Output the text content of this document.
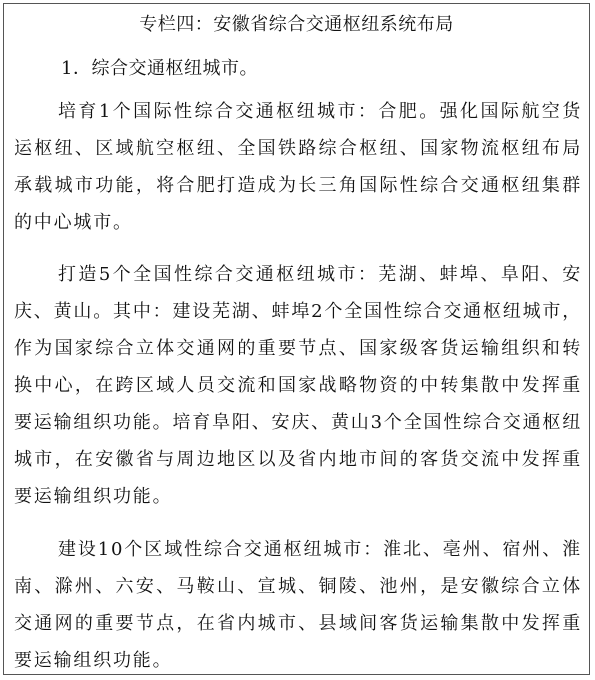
专栏四：安徽省综合交通枢纽系统布局
1．综合交通枢纽城市。

培育1个国际性综合交通枢纽城市：合肥。强化国际航空货运枢纽、区域航空枢纽、全国铁路综合枢纽、国家物流枢纽布局承载城市功能，将合肥打造成为长三角国际性综合交通枢纽集群的中心城市。

打造5个全国性综合交通枢纽城市：芜湖、蚌埠、阜阳、安庆、黄山。其中：建设芜湖、蚌埠2个全国性综合交通枢纽城市，作为国家综合立体交通网的重要节点、国家级客货运输组织和转换中心，在跨区域人员交流和国家战略物资的中转集散中发挥重要运输组织功能。培育阜阳、安庆、黄山3个全国性综合交通枢纽城市，在安徽省与周边地区以及省内地市间的客货交流中发挥重要运输组织功能。

建设10个区域性综合交通枢纽城市：淮北、亳州、宿州、淮南、滁州、六安、马鞍山、宣城、铜陵、池州，是安徽综合立体交通网的重要节点，在省内城市、县域间客货运输集散中发挥重要运输组织功能。
